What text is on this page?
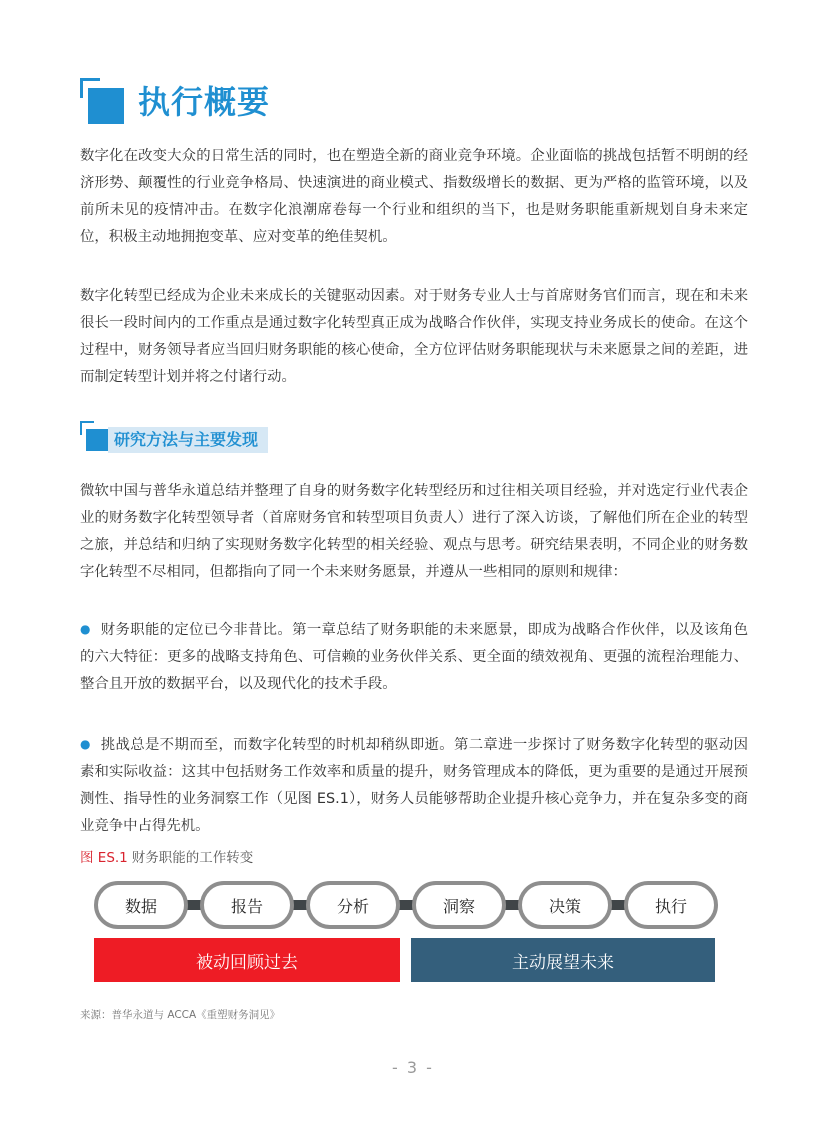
执行概要

数字化在改变大众的日常生活的同时，也在塑造全新的商业竞争环境。企业面临的挑战包括暂不明朗的经济形势、颠覆性的行业竞争格局、快速演进的商业模式、指数级增长的数据、更为严格的监管环境，以及前所未见的疫情冲击。在数字化浪潮席卷每一个行业和组织的当下，也是财务职能重新规划自身未来定位，积极主动地拥抱变革、应对变革的绝佳契机。

数字化转型已经成为企业未来成长的关键驱动因素。对于财务专业人士与首席财务官们而言，现在和未来很长一段时间内的工作重点是通过数字化转型真正成为战略合作伙伴，实现支持业务成长的使命。在这个过程中，财务领导者应当回归财务职能的核心使命，全方位评估财务职能现状与未来愿景之间的差距，进而制定转型计划并将之付诸行动。

研究方法与主要发现

微软中国与普华永道总结并整理了自身的财务数字化转型经历和过往相关项目经验，并对选定行业代表企业的财务数字化转型领导者（首席财务官和转型项目负责人）进行了深入访谈，了解他们所在企业的转型之旅，并总结和归纳了实现财务数字化转型的相关经验、观点与思考。研究结果表明，不同企业的财务数字化转型不尽相同，但都指向了同一个未来财务愿景，并遵从一些相同的原则和规律：

● 财务职能的定位已今非昔比。第一章总结了财务职能的未来愿景，即成为战略合作伙伴，以及该角色的六大特征：更多的战略支持角色、可信赖的业务伙伴关系、更全面的绩效视角、更强的流程治理能力、整合且开放的数据平台，以及现代化的技术手段。

● 挑战总是不期而至，而数字化转型的时机却稍纵即逝。第二章进一步探讨了财务数字化转型的驱动因素和实际收益：这其中包括财务工作效率和质量的提升，财务管理成本的降低，更为重要的是通过开展预测性、指导性的业务洞察工作（见图 ES.1），财务人员能够帮助企业提升核心竞争力，并在复杂多变的商业竞争中占得先机。

图 ES.1 财务职能的工作转变
数据	报告	分析	洞察	决策	执行
被动回顾过去	主动展望未来
来源：普华永道与 ACCA《重塑财务洞见》
- 3 -
